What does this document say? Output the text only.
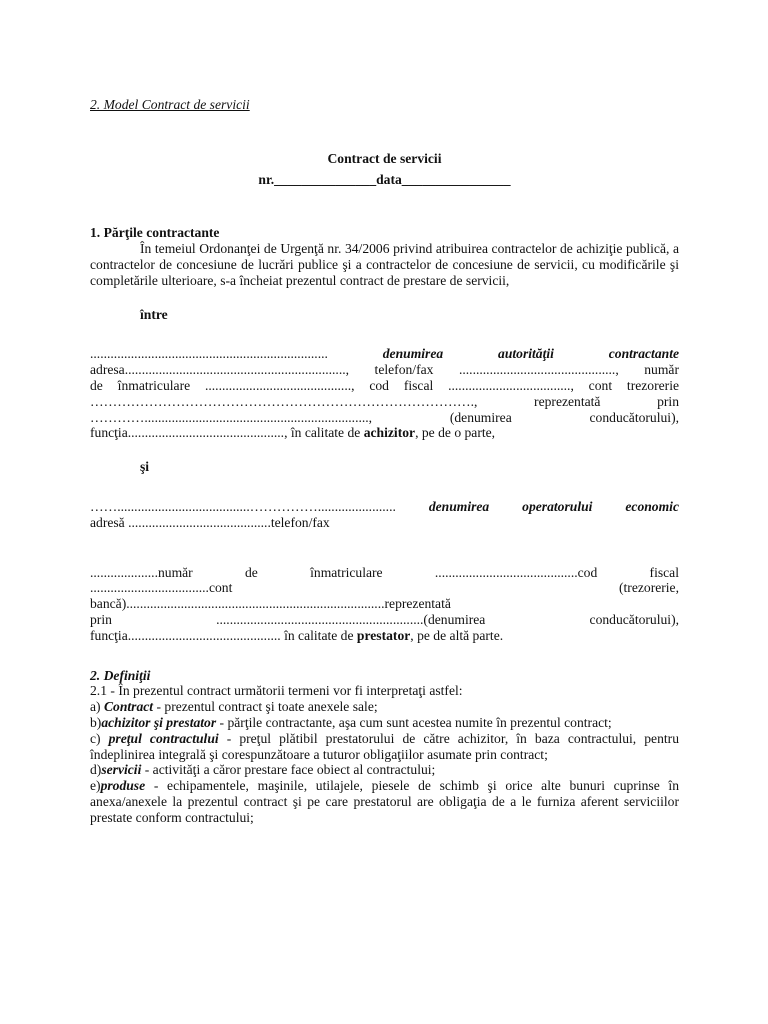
2. Model Contract de servicii
Contract de servicii
nr._______________data________________
1. Părţile contractante
În temeiul Ordonanţei de Urgenţă nr. 34/2006 privind atribuirea contractelor de achiziţie publică, a contractelor de concesiune de lucrări publice şi a contractelor de concesiune de servicii, cu modificările şi completările ulterioare, s-a încheiat prezentul contract de prestare de servicii,
între
......................................................................	denumirea autorităţii contractante
adresa................................................................., telefon/fax .............................................., număr
de înmatriculare ..........................................., cod fiscal ...................................., cont trezorerie
…………………………………………………………………………., reprezentată prin
………….................................................................., (denumirea conducătorului),
funcţia.............................................., în calitate de achizitor, pe de o parte,
şi
…….......................................……………....................... denumirea operatorului economic
adresă ..........................................telefon/fax
....................număr de înmatriculare ..........................................cod fiscal
...................................cont (trezorerie,
bancă)............................................................................reprezentată
prin .............................................................(denumirea conducătorului),
funcţia............................................. în calitate de prestator, pe de altă parte.
2. Definiţii
2.1 - În prezentul contract următorii termeni vor fi interpretaţi astfel:
a) Contract - prezentul contract şi toate anexele sale;
b)achizitor şi prestator - părţile contractante, aşa cum sunt acestea numite în prezentul contract;
c) preţul contractului - preţul plătibil prestatorului de către achizitor, în baza contractului, pentru îndeplinirea integrală şi corespunzătoare a tuturor obligaţiilor asumate prin contract;
d)servicii - activităţi a căror prestare face obiect al contractului;
e)produse - echipamentele, maşinile, utilajele, piesele de schimb şi orice alte bunuri cuprinse în anexa/anexele la prezentul contract şi pe care prestatorul are obligaţia de a le furniza aferent serviciilor prestate conform contractului;
